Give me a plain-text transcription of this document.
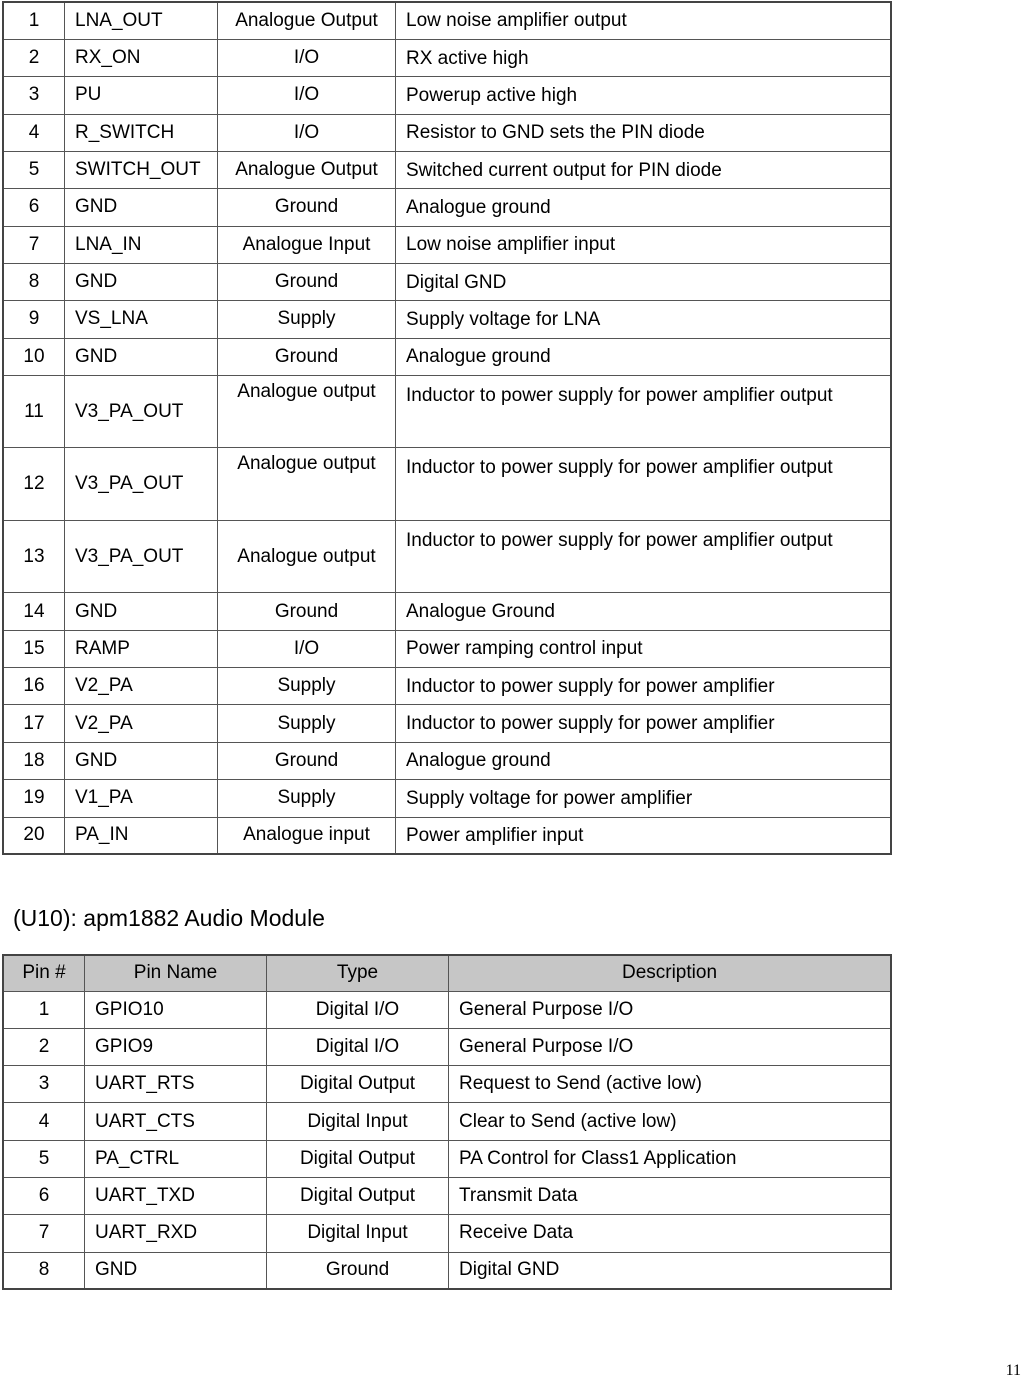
1	LNA_OUT	Analogue Output	Low noise amplifier output
2	RX_ON	I/O	RX active high
3	PU	I/O	Powerup active high
4	R_SWITCH	I/O	Resistor to GND sets the PIN diode
5	SWITCH_OUT	Analogue Output	Switched current output for PIN diode
6	GND	Ground	Analogue ground
7	LNA_IN	Analogue Input	Low noise amplifier input
8	GND	Ground	Digital GND
9	VS_LNA	Supply	Supply voltage for LNA
10	GND	Ground	Analogue ground
11	V3_PA_OUT	Analogue output	Inductor to power supply for power amplifier output
12	V3_PA_OUT	Analogue output	Inductor to power supply for power amplifier output
13	V3_PA_OUT	Analogue output	Inductor to power supply for power amplifier output
14	GND	Ground	Analogue Ground
15	RAMP	I/O	Power ramping control input
16	V2_PA	Supply	Inductor to power supply for power amplifier
17	V2_PA	Supply	Inductor to power supply for power amplifier
18	GND	Ground	Analogue ground
19	V1_PA	Supply	Supply voltage for power amplifier
20	PA_IN	Analogue input	Power amplifier input
(U10): apm1882 Audio Module
Pin #	Pin Name	Type	Description
1	GPIO10	Digital I/O	General Purpose I/O
2	GPIO9	Digital I/O	General Purpose I/O
3	UART_RTS	Digital Output	Request to Send (active low)
4	UART_CTS	Digital Input	Clear to Send (active low)
5	PA_CTRL	Digital Output	PA Control for Class1 Application
6	UART_TXD	Digital Output	Transmit Data
7	UART_RXD	Digital Input	Receive Data
8	GND	Ground	Digital GND
11
